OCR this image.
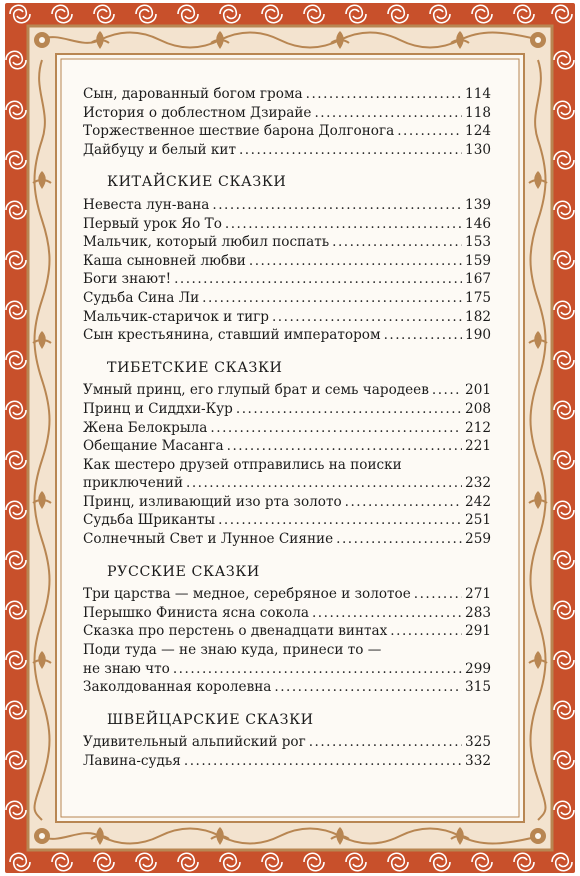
Сын, дарованный богом грома .....	114
История о доблестном Дзирайе .....	118
Торжественное шествие барона Долгонога .....	124
Дайбуцу и белый кит .....	130
КИТАЙСКИЕ СКАЗКИ
Невеста лун-вана .....	139
Первый урок Яо То .....	146
Мальчик, который любил поспать .....	153
Каша сыновней любви .....	159
Боги знают! .....	167
Судьба Сина Ли .....	175
Мальчик-старичок и тигр .....	182
Сын крестьянина, ставший императором .....	190
ТИБЕТСКИЕ СКАЗКИ
Умный принц, его глупый брат и семь чародеев .....	201
Принц и Сиддхи-Кур .....	208
Жена Белокрыла .....	212
Обещание Масанга .....	221
Как шестеро друзей отправились на поиски
приключений .....	232
Принц, изливающий изо рта золото .....	242
Судьба Шриканты .....	251
Солнечный Свет и Лунное Сияние .....	259
РУССКИЕ СКАЗКИ
Три царства — медное, серебряное и золотое .....	271
Перышко Финиста ясна сокола .....	283
Сказка про перстень о двенадцати винтах .....	291
Поди туда — не знаю куда, принеси то —
не знаю что .....	299
Заколдованная королевна .....	315
ШВЕЙЦАРСКИЕ СКАЗКИ
Удивительный альпийский рог .....	325
Лавина-судья .....	332
